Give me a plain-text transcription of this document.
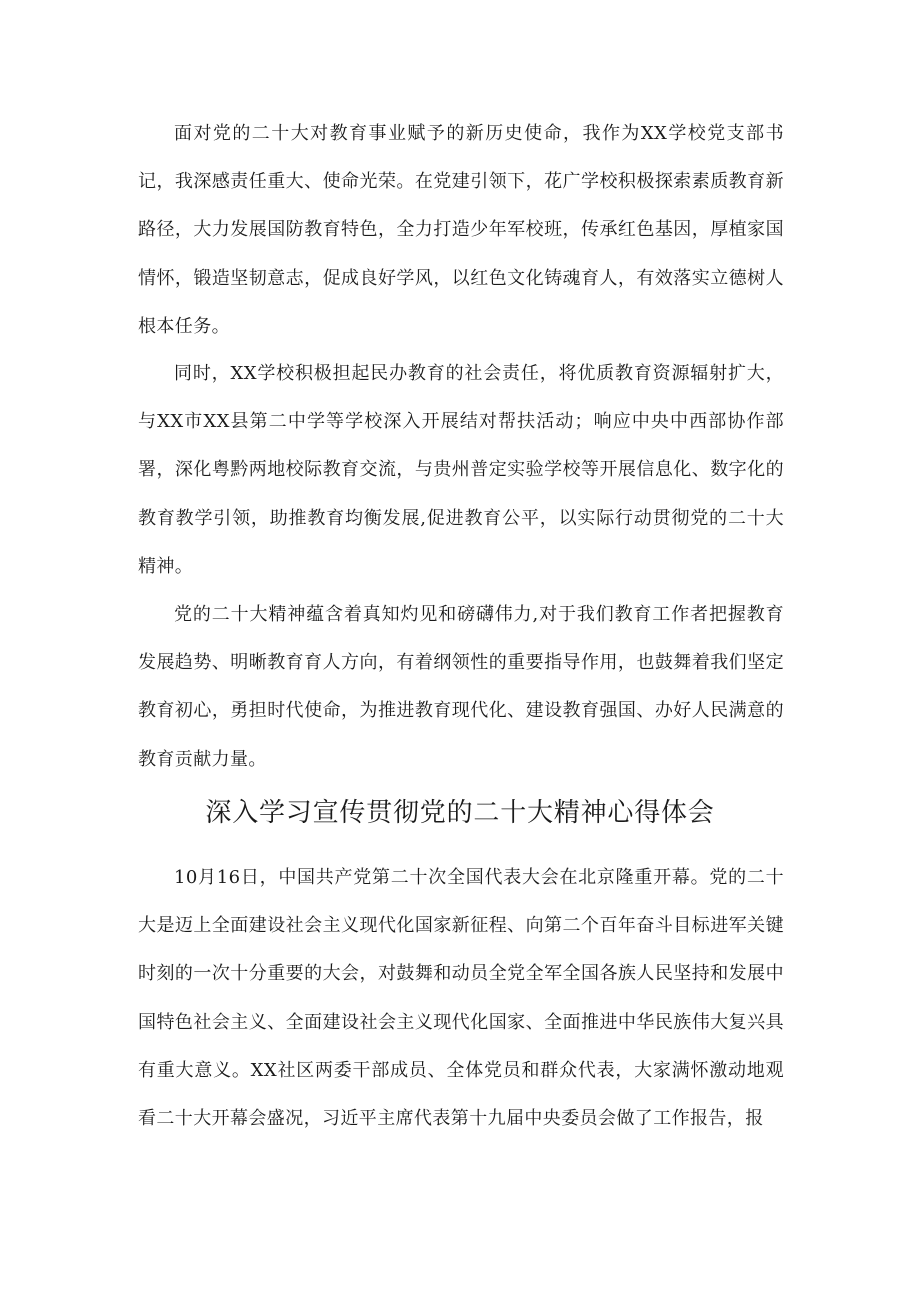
面对党的二十大对教育事业赋予的新历史使命，我作为XX学校党支部书记，我深感责任重大、使命光荣。在党建引领下，花广学校积极探索素质教育新路径，大力发展国防教育特色，全力打造少年军校班，传承红色基因，厚植家国情怀，锻造坚韧意志，促成良好学风，以红色文化铸魂育人，有效落实立德树人根本任务。

同时，XX学校积极担起民办教育的社会责任，将优质教育资源辐射扩大，与XX市XX县第二中学等学校深入开展结对帮扶活动；响应中央中西部协作部署，深化粤黔两地校际教育交流，与贵州普定实验学校等开展信息化、数字化的教育教学引领，助推教育均衡发展,促进教育公平，以实际行动贯彻党的二十大精神。

党的二十大精神蕴含着真知灼见和磅礴伟力,对于我们教育工作者把握教育发展趋势、明晰教育育人方向，有着纲领性的重要指导作用，也鼓舞着我们坚定教育初心，勇担时代使命，为推进教育现代化、建设教育强国、办好人民满意的教育贡献力量。

深入学习宣传贯彻党的二十大精神心得体会

10月16日，中国共产党第二十次全国代表大会在北京隆重开幕。党的二十大是迈上全面建设社会主义现代化国家新征程、向第二个百年奋斗目标进军关键时刻的一次十分重要的大会，对鼓舞和动员全党全军全国各族人民坚持和发展中国特色社会主义、全面建设社会主义现代化国家、全面推进中华民族伟大复兴具有重大意义。XX社区两委干部成员、全体党员和群众代表，大家满怀激动地观看二十大开幕会盛况，习近平主席代表第十九届中央委员会做了工作报告，报
